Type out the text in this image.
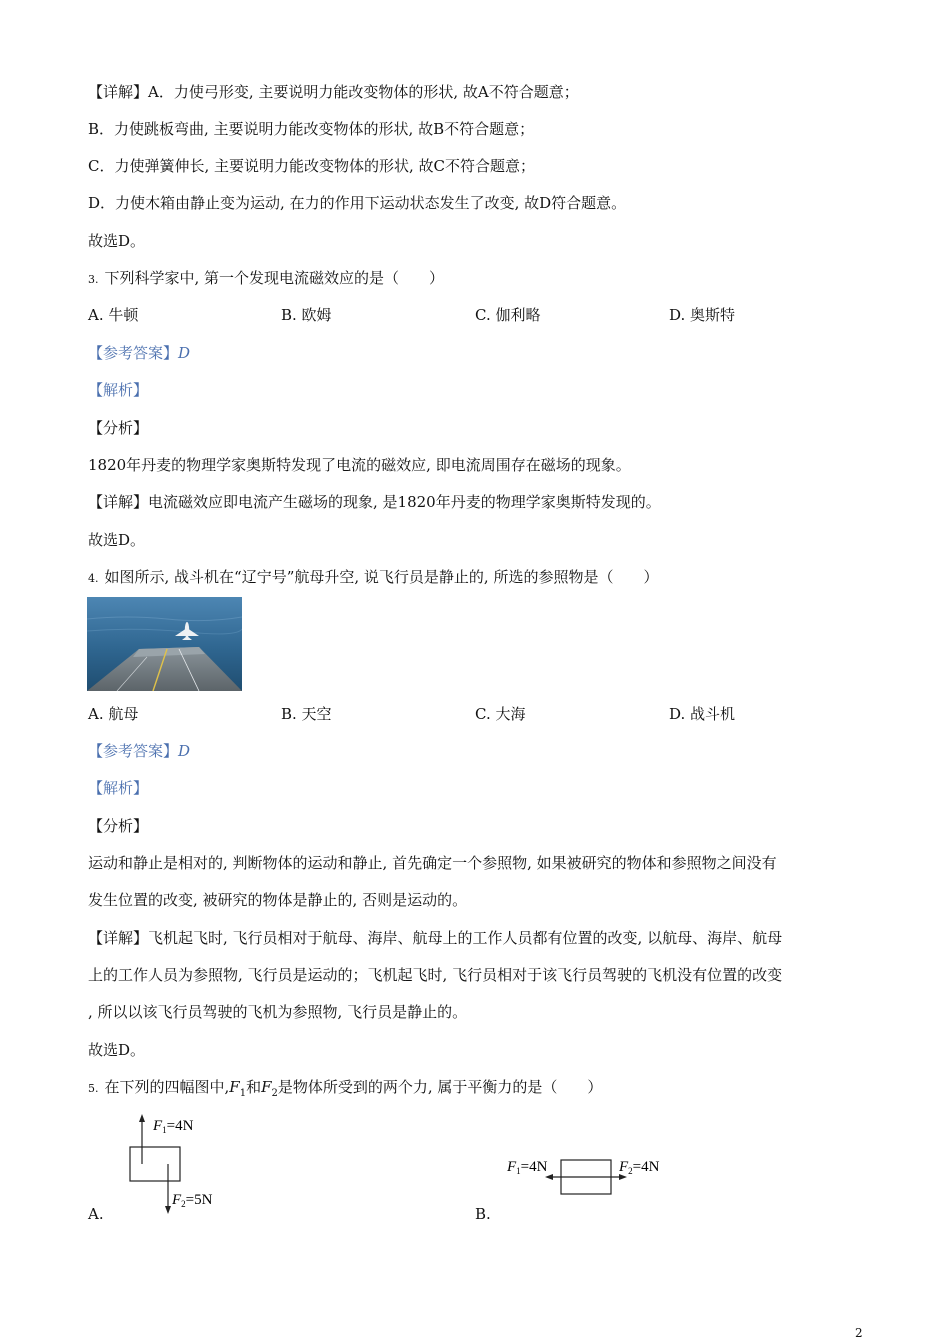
【详解】A．力使弓形变, 主要说明力能改变物体的形状, 故A不符合题意；
B．力使跳板弯曲, 主要说明力能改变物体的形状, 故B不符合题意；
C．力使弹簧伸长, 主要说明力能改变物体的形状, 故C不符合题意；
D．力使木箱由静止变为运动, 在力的作用下运动状态发生了改变, 故D符合题意。
故选D。
3. 下列科学家中, 第一个发现电流磁效应的是（　　）
A. 牛顿	B. 欧姆	C. 伽利略	D. 奥斯特
【参考答案】D
【解析】
【分析】
1820年丹麦的物理学家奥斯特发现了电流的磁效应, 即电流周围存在磁场的现象。
【详解】电流磁效应即电流产生磁场的现象, 是1820年丹麦的物理学家奥斯特发现的。
故选D。
4. 如图所示, 战斗机在“辽宁号”航母升空, 说飞行员是静止的, 所选的参照物是（　　）
A. 航母	B. 天空	C. 大海	D. 战斗机
【参考答案】D
【解析】
【分析】
运动和静止是相对的, 判断物体的运动和静止, 首先确定一个参照物, 如果被研究的物体和参照物之间没有
发生位置的改变, 被研究的物体是静止的, 否则是运动的。
【详解】飞机起飞时, 飞行员相对于航母、海岸、航母上的工作人员都有位置的改变, 以航母、海岸、航母
上的工作人员为参照物, 飞行员是运动的；飞机起飞时, 飞行员相对于该飞行员驾驶的飞机没有位置的改变
, 所以以该飞行员驾驶的飞机为参照物, 飞行员是静止的。
故选D。
5. 在下列的四幅图中$,F_1$和$F_2$是物体所受到的两个力, 属于平衡力的是（　　）
$F_1=4N$
$F_2=5N$
A.
$F_1=4N$	$F_2=4N$
B.
2
